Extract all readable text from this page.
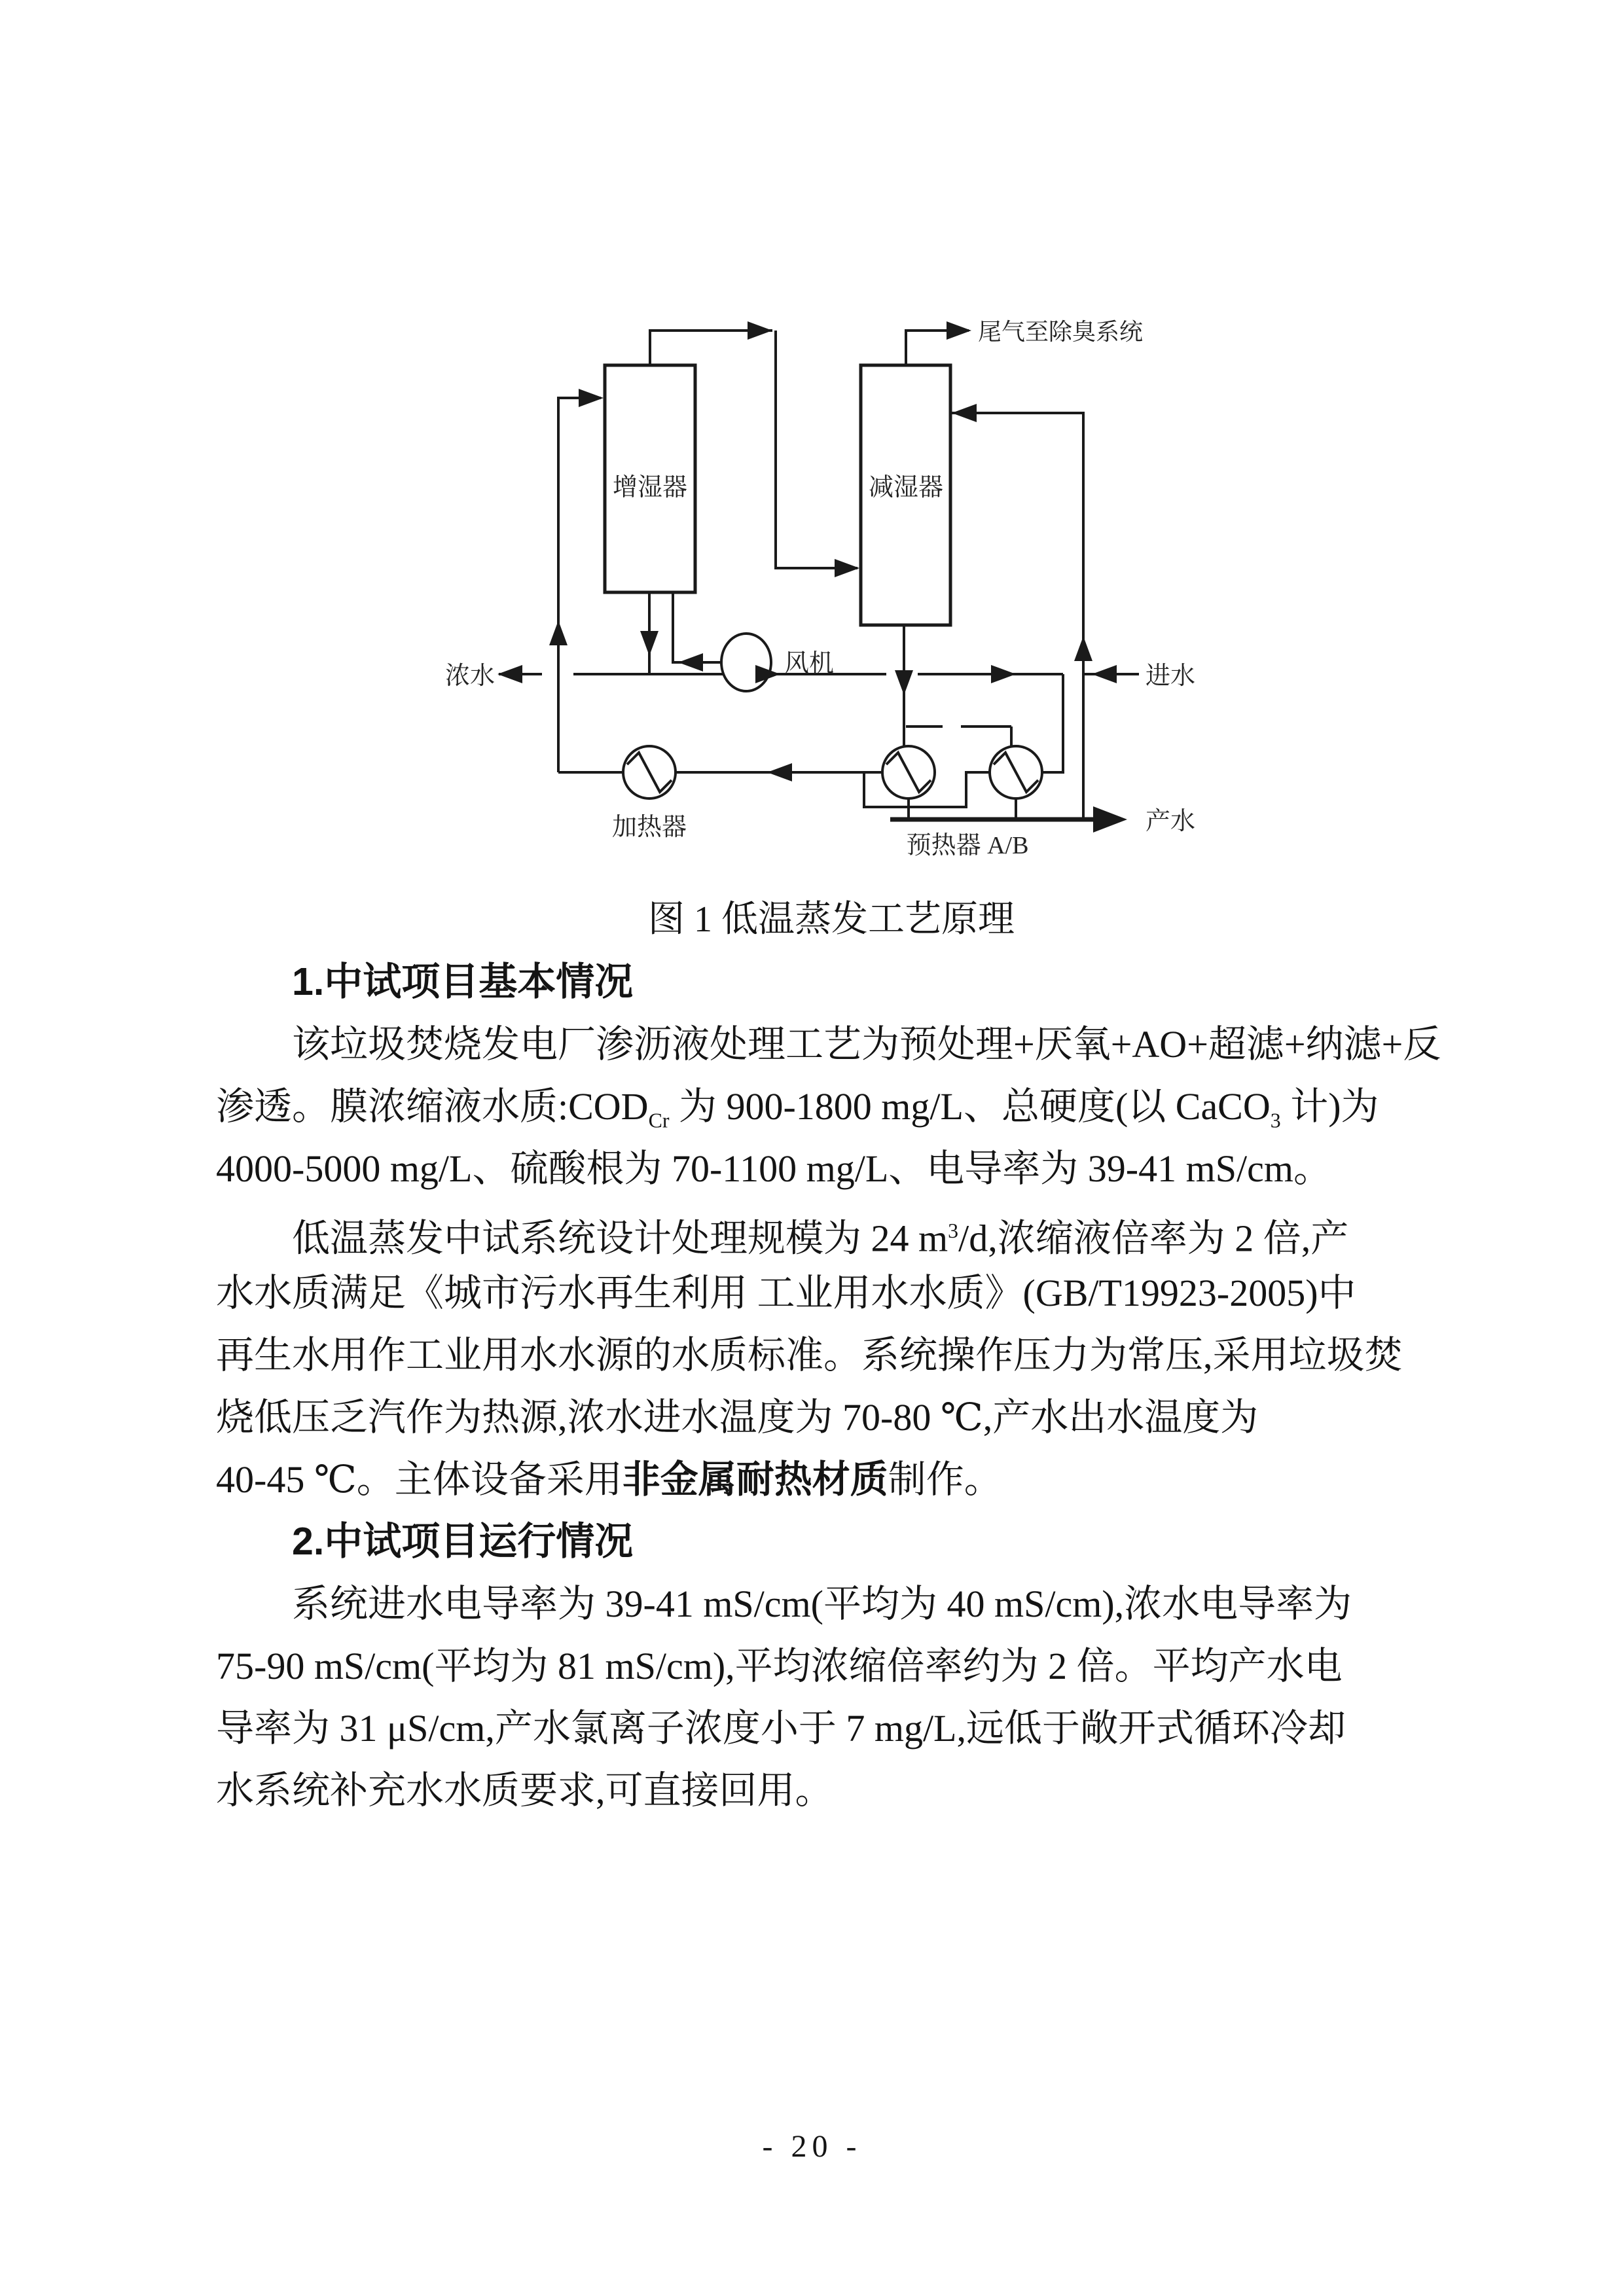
增湿器	减湿器
风机
尾气至除臭系统
浓水	进水
产水
加热器
预热器 A/B
图 1 低温蒸发工艺原理
1.中试项目基本情况
该垃圾焚烧发电厂渗沥液处理工艺为预处理+厌氧+AO+超滤+纳滤+反
渗透。膜浓缩液水质$:COD_{Cr}$ 为 900-1800 mg/L、总硬度(以 CaCO$_3$ 计)为
4000-5000 mg/L、硫酸根为 70-1100 mg/L、电导率为 39-41 mS/cm。
低温蒸发中试系统设计处理规模为 24 $m^3/d$,浓缩液倍率为 2 倍,产
水水质满足《城市污水再生利用 工业用水水质》(GB/T19923-2005)中
再生水用作工业用水水源的水质标准。系统操作压力为常压,采用垃圾焚
烧低压乏汽作为热源,浓水进水温度为 70-80 ℃,产水出水温度为
40-45 ℃。主体设备采用非金属耐热材质制作。
2.中试项目运行情况
系统进水电导率为 39-41 mS/cm(平均为 40 mS/cm),浓水电导率为
75-90 mS/cm(平均为 81 mS/cm),平均浓缩倍率约为 2 倍。平均产水电
导率为 31 μS/cm,产水氯离子浓度小于 7 mg/L,远低于敞开式循环冷却
水系统补充水水质要求,可直接回用。
- 20 -
